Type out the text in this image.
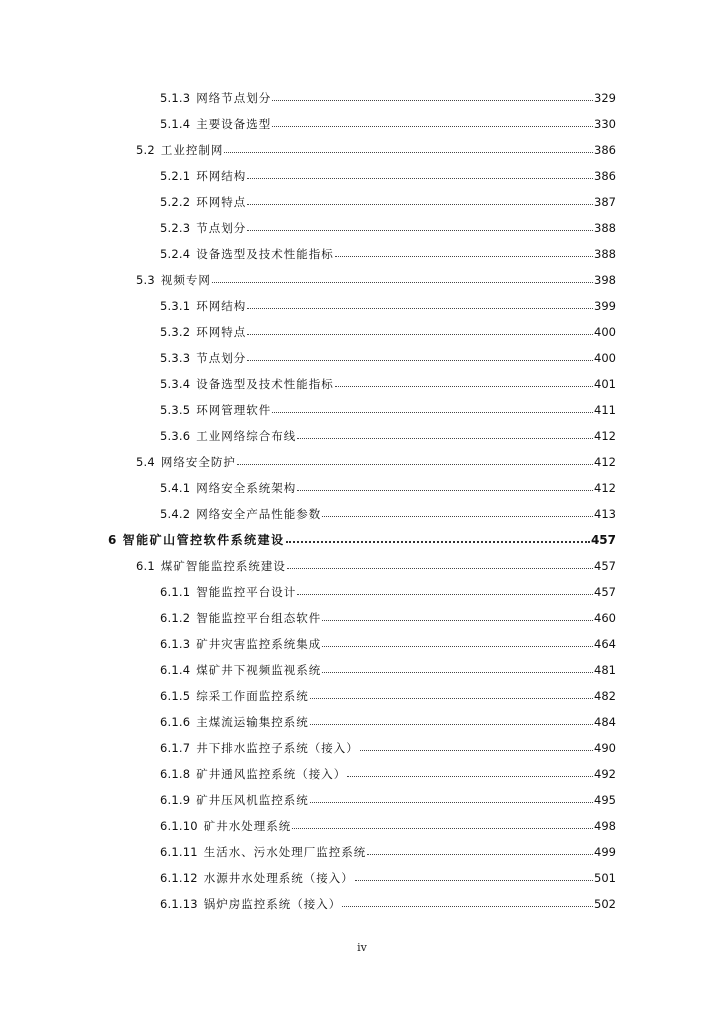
5.1.3 网络节点划分	329
5.1.4 主要设备选型	330
5.2 工业控制网	386
5.2.1 环网结构	386
5.2.2 环网特点	387
5.2.3 节点划分	388
5.2.4 设备选型及技术性能指标	388
5.3 视频专网	398
5.3.1 环网结构	399
5.3.2 环网特点	400
5.3.3 节点划分	400
5.3.4 设备选型及技术性能指标	401
5.3.5 环网管理软件	411
5.3.6 工业网络综合布线	412
5.4 网络安全防护	412
5.4.1 网络安全系统架构	412
5.4.2 网络安全产品性能参数	413
6 智能矿山管控软件系统建设	457
6.1 煤矿智能监控系统建设	457
6.1.1 智能监控平台设计	457
6.1.2 智能监控平台组态软件	460
6.1.3 矿井灾害监控系统集成	464
6.1.4 煤矿井下视频监视系统	481
6.1.5 综采工作面监控系统	482
6.1.6 主煤流运输集控系统	484
6.1.7 井下排水监控子系统（接入）	490
6.1.8 矿井通风监控系统（接入）	492
6.1.9 矿井压风机监控系统	495
6.1.10 矿井水处理系统	498
6.1.11 生活水、污水处理厂监控系统	499
6.1.12 水源井水处理系统（接入）	501
6.1.13 锅炉房监控系统（接入）	502
iv
